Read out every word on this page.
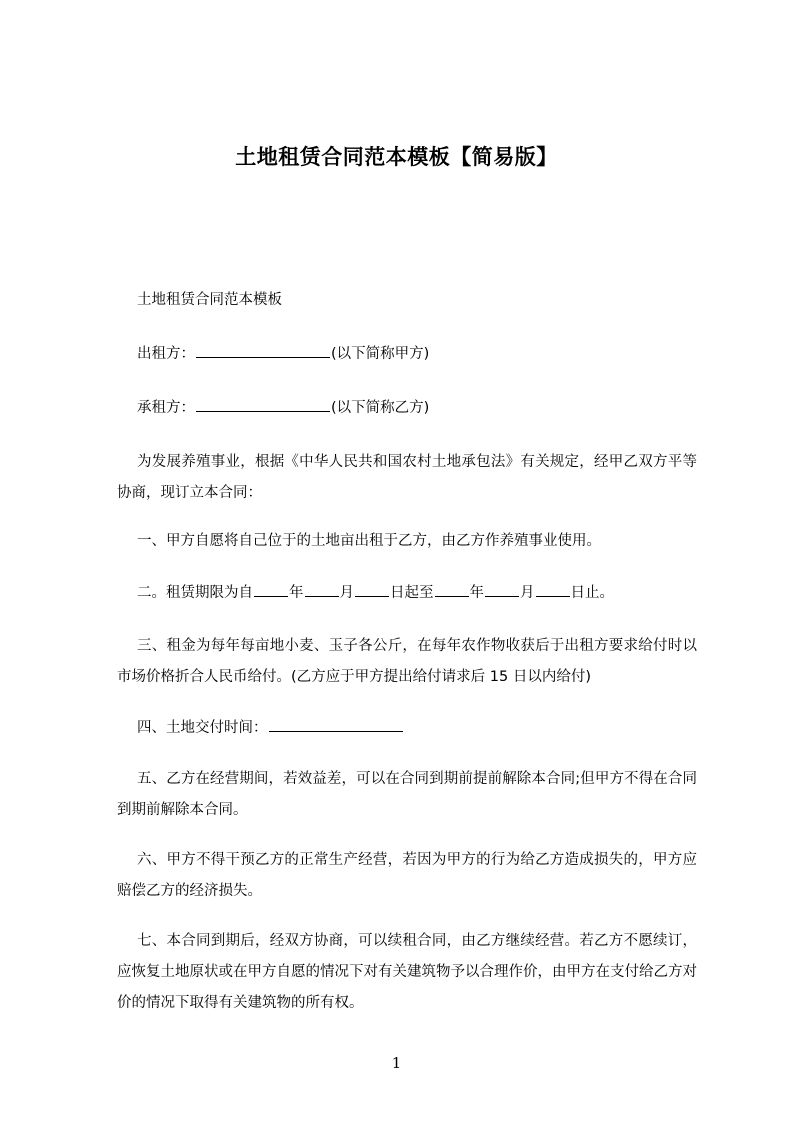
土地租赁合同范本模板【简易版】

土地租赁合同范本模板

出租方：	(以下简称甲方)

承租方：	(以下简称乙方)

为发展养殖事业，根据《中华人民共和国农村土地承包法》有关规定，经甲乙双方平等协商，现订立本合同：

一、甲方自愿将自己位于的土地亩出租于乙方，由乙方作养殖事业使用。

二。租赁期限为自 年 月 日起至 年 月 日止。

三、租金为每年每亩地小麦、玉子各公斤，在每年农作物收获后于出租方要求给付时以市场价格折合人民币给付。(乙方应于甲方提出给付请求后 15 日以内给付)

四、土地交付时间：

五、乙方在经营期间，若效益差，可以在合同到期前提前解除本合同;但甲方不得在合同到期前解除本合同。

六、甲方不得干预乙方的正常生产经营，若因为甲方的行为给乙方造成损失的，甲方应赔偿乙方的经济损失。

七、本合同到期后，经双方协商，可以续租合同，由乙方继续经营。若乙方不愿续订，应恢复土地原状或在甲方自愿的情况下对有关建筑物予以合理作价，由甲方在支付给乙方对价的情况下取得有关建筑物的所有权。

1
